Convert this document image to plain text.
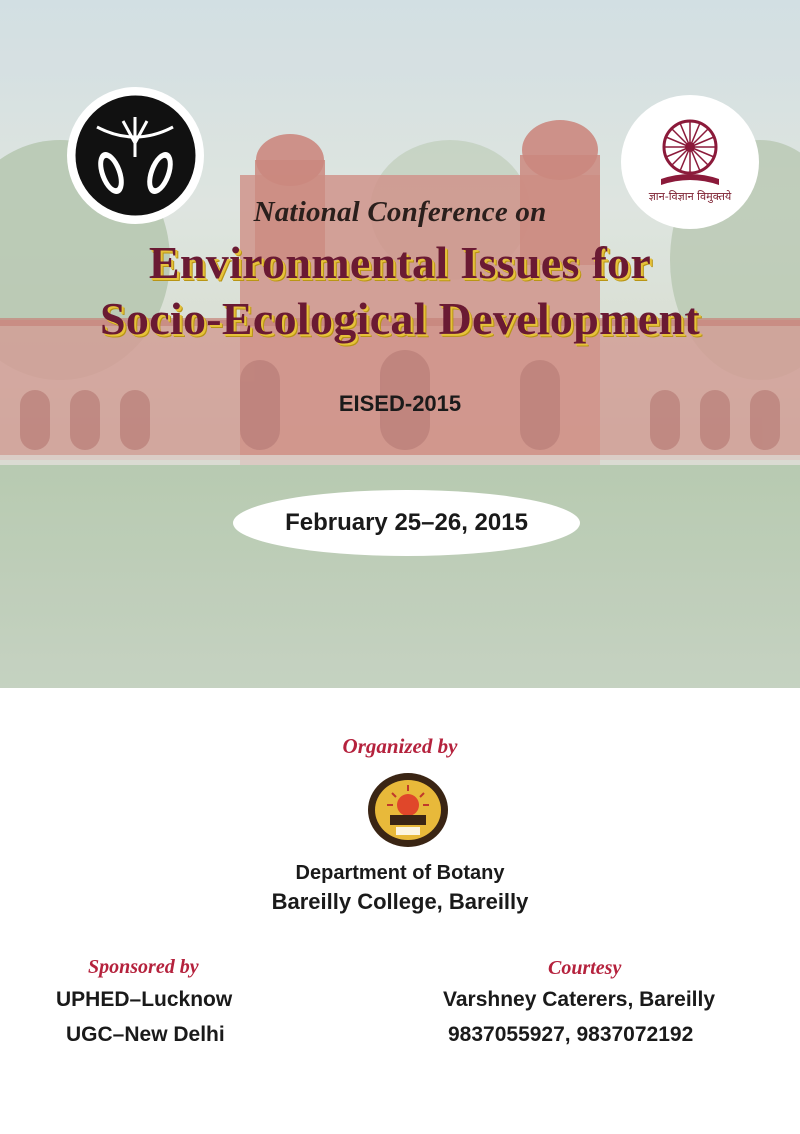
ज्ञान-विज्ञान विमुक्तये
National Conference on
Environmental Issues for
Socio-Ecological Development
EISED-2015
February 25–26, 2015
Organized by
Department of Botany
Bareilly College, Bareilly
Sponsored by
UPHED–Lucknow
UGC–New Delhi
Courtesy
Varshney Caterers, Bareilly
9837055927, 9837072192
